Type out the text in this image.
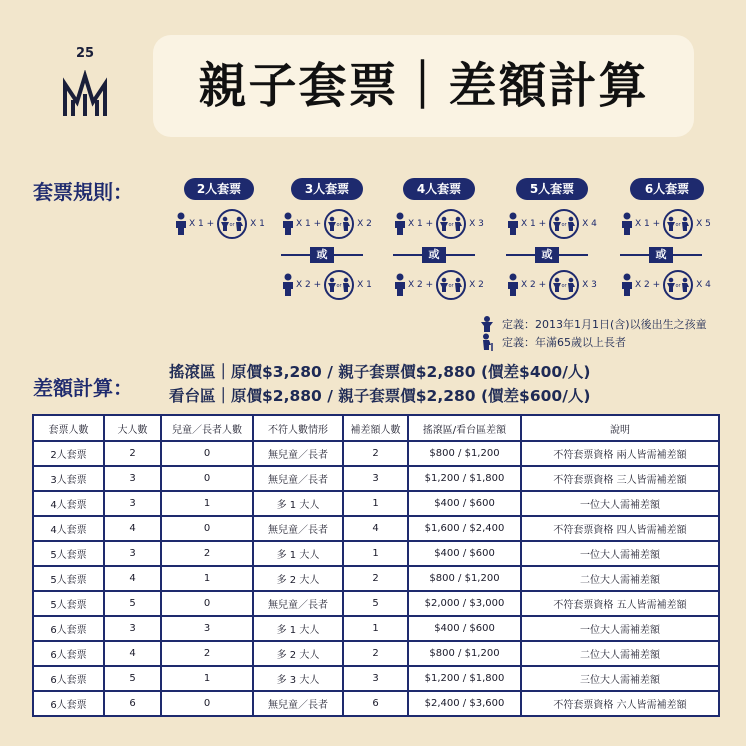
25
親子套票｜差額計算
套票規則：	2人套票
X 1 +	or X 1
3人套票
X 1 +	or X 2
或
X 2 +	or X 1
4人套票
X 1 +	or X 3
或
X 2 +	or X 2
5人套票
X 1 +	or X 4
或
X 2 +	or X 3
6人套票
X 1 +	or X 5
或
X 2 +	or X 4
定義：2013年1月1日(含)以後出生之孩童
定義：年滿65歲以上長者
差額計算：
搖滾區｜原價$3,280 / 親子套票價$2,880 (價差$400/人)
看台區｜原價$2,880 / 親子套票價$2,280 (價差$600/人)
套票人數	大人數	兒童／長者人數	不符人數情形	補差額人數	搖滾區/看台區差額	說明
2人套票	2	0	無兒童／長者	2	$800 / $1,200	不符套票資格 兩人皆需補差額
3人套票	3	0	無兒童／長者	3	$1,200 / $1,800	不符套票資格 三人皆需補差額
4人套票	3	1	多 1 大人	1	$400 / $600	一位大人需補差額
4人套票	4	0	無兒童／長者	4	$1,600 / $2,400	不符套票資格 四人皆需補差額
5人套票	3	2	多 1 大人	1	$400 / $600	一位大人需補差額
5人套票	4	1	多 2 大人	2	$800 / $1,200	二位大人需補差額
5人套票	5	0	無兒童／長者	5	$2,000 / $3,000	不符套票資格 五人皆需補差額
6人套票	3	3	多 1 大人	1	$400 / $600	一位大人需補差額
6人套票	4	2	多 2 大人	2	$800 / $1,200	二位大人需補差額
6人套票	5	1	多 3 大人	3	$1,200 / $1,800	三位大人需補差額
6人套票	6	0	無兒童／長者	6	$2,400 / $3,600	不符套票資格 六人皆需補差額
